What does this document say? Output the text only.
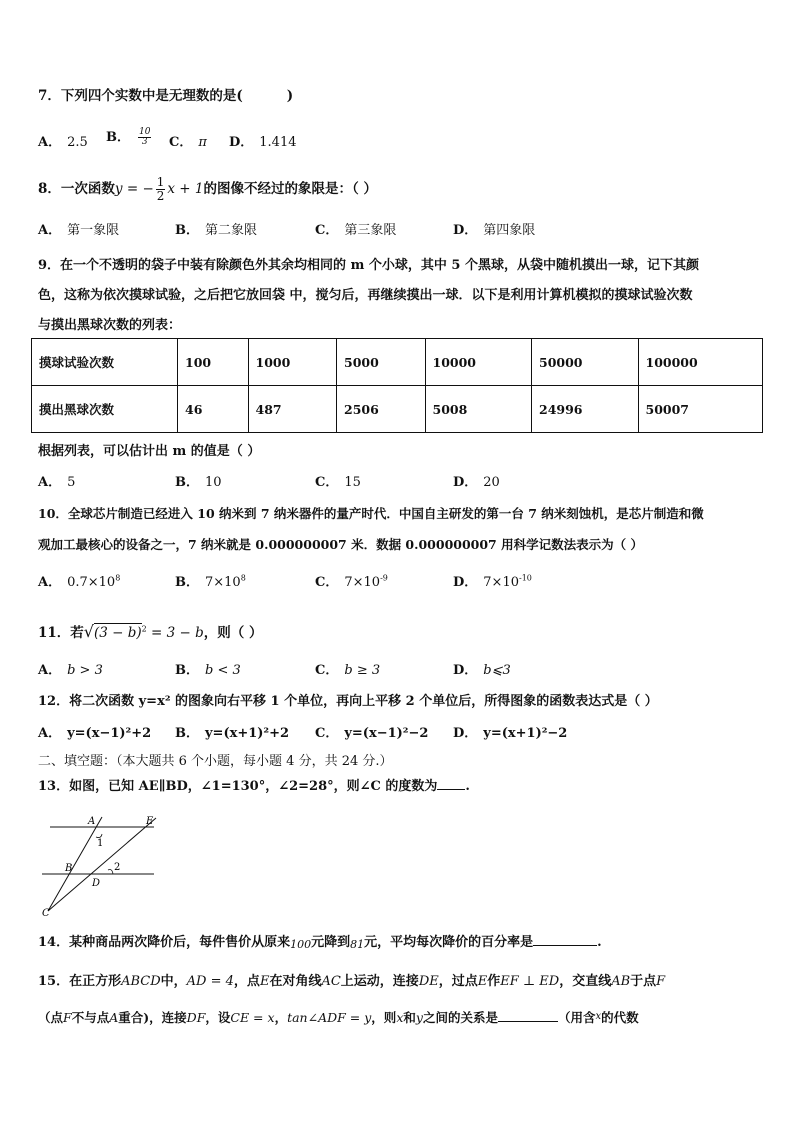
7．下列四个实数中是无理数的是(	)
A． 2.5 B． $\frac{10}{3}$ C． π D． 1.414
8．一次函数y = − $\frac{1}{2}$ x + 1的图像不经过的象限是：（ ）
A． 第一象限	B． 第二象限	C． 第三象限	D． 第四象限
9．在一个不透明的袋子中装有除颜色外其余均相同的 m 个小球，其中 5 个黑球，从袋中随机摸出一球，记下其颜
色，这称为依次摸球试验，之后把它放回袋 中，搅匀后，再继续摸出一球．以下是利用计算机模拟的摸球试验次数
与摸出黑球次数的列表：
摸球试验次数	100	1000	5000	10000	50000	100000
摸出黑球次数	46	487	2506	5008	24996	50007
根据列表，可以估计出 m 的值是（ ）
A． 5	B． 10	C． 15	D． 20
10．全球芯片制造已经进入 10 纳米到 7 纳米器件的量产时代．中国自主研发的第一台 7 纳米刻蚀机，是芯片制造和微
观加工最核心的设备之一，7 纳米就是 0.000000007 米．数据 0.000000007 用科学记数法表示为（ ）
A． $0.7\times 10^8$	B． $7\times 10^8$	C． $7\times 10^{-9}$	D． $7\times 10^{-10}$
11．若$√(3 - b)^2 = 3 - b$，则（ ）
A． b > 3	B． b < 3	C． b ≥ 3	D． b⩽3
12．将二次函数 y=x² 的图象向右平移 1 个单位，再向上平移 2 个单位后，所得图象的函数表达式是（ ）
A． y=(x−1)²+2 B． y=(x+1)²+2 C． y=(x−1)²−2 D． y=(x+1)²−2
二、填空题：（本大题共 6 个小题，每小题 4 分，共 24 分.）
13．如图，已知 AE∥BD，∠1=130°，∠2=28°，则∠C 的度数为 .
A	E
B
D
C
1
2
14．某种商品两次降价后，每件售价从原来100元降到81元，平均每次降价的百分率是	.
15．在正方形ABCD中，AD = 4，点E在对角线AC上运动，连接DE，过点E作EF ⊥ ED，交直线AB于点F
（点F不与点A重合)，连接DF，设CE = x，tan∠ADF = y，则x和y之间的关系是	（用含$^x$的代数
